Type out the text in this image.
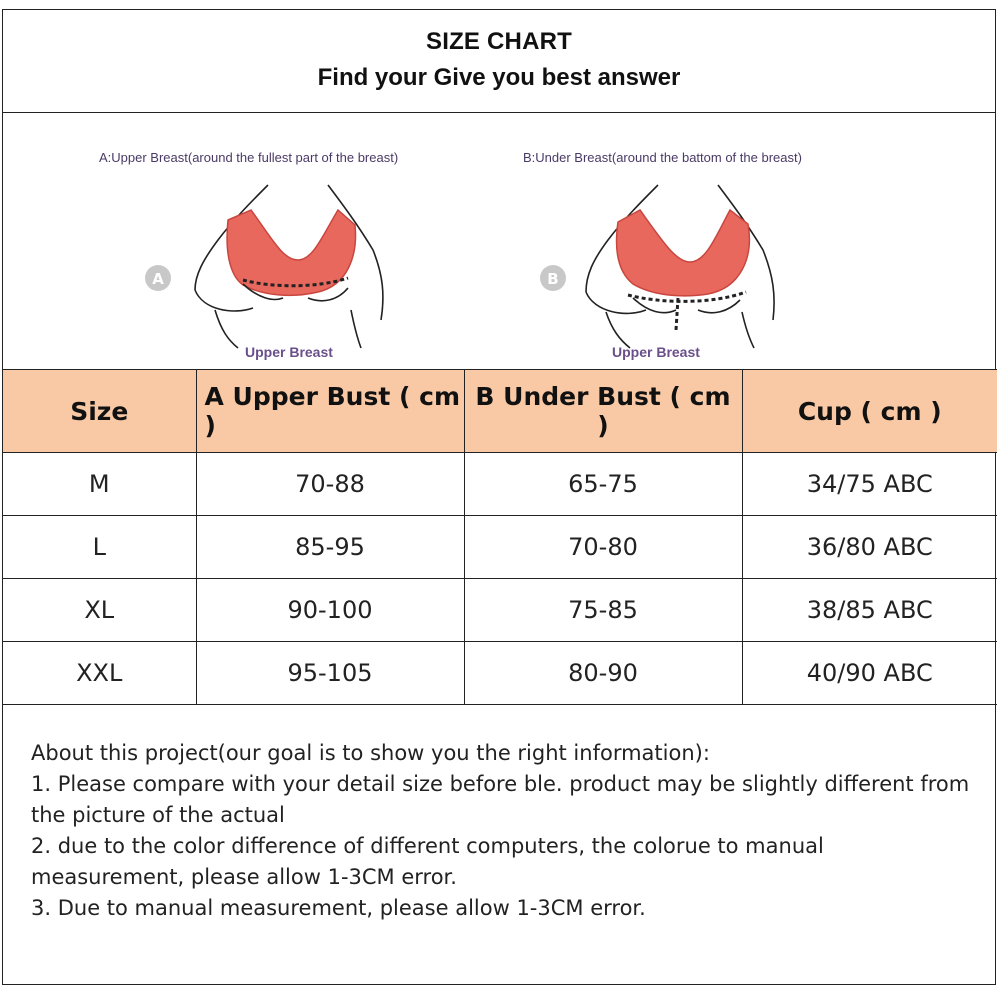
SIZE CHART
Find your Give you best answer
A:Upper Breast(around the fullest part of the breast)	B:Under Breast(around the battom of the breast)
A	B
Upper Breast	Upper Breast
Size	A Upper Bust ( cm )	B Under Bust ( cm )	Cup ( cm )
M	70-88	65-75	34/75 ABC
L	85-95	70-80	36/80 ABC
XL	90-100	75-85	38/85 ABC
XXL	95-105	80-90	40/90 ABC

About this project(our goal is to show you the right information):

1. Please compare with your detail size before ble. product may be slightly different from the picture of the actual

2. due to the color difference of different computers, the colorue to manual measurement, please allow 1-3CM error.

3. Due to manual measurement, please allow 1-3CM error.
